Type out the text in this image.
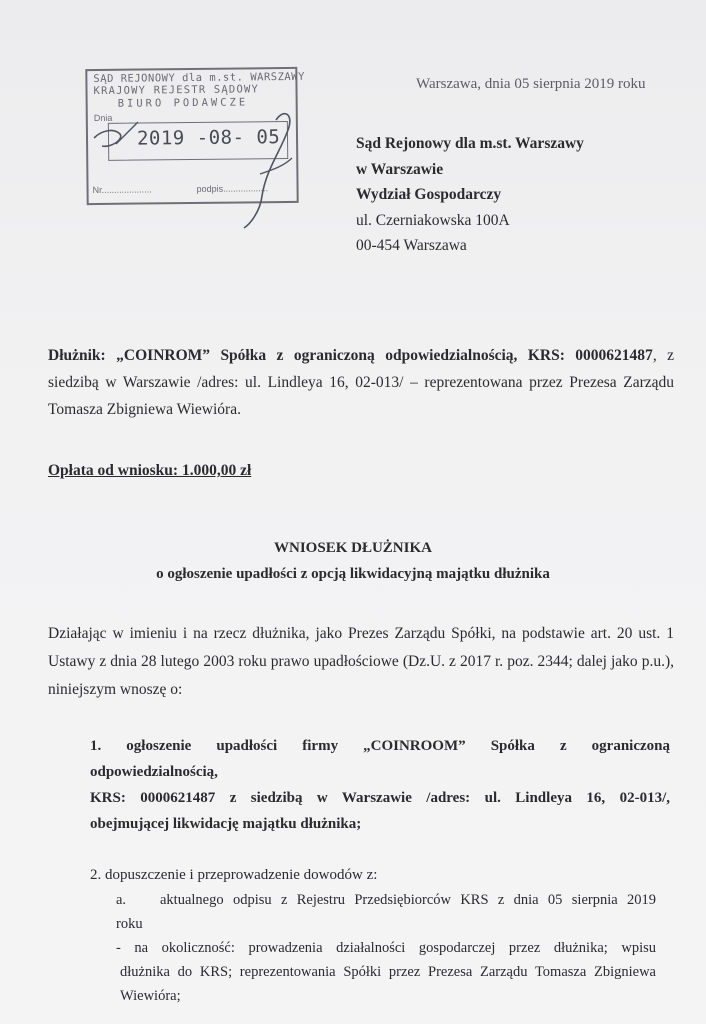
SĄD REJONOWY dla m.st. WARSZAWY
KRAJOWY REJESTR SĄDOWY
BIURO PODAWCZE
Dnia
2019 -08- 05
Nr....................	podpis..................
Warszawa, dnia 05 sierpnia 2019 roku
Sąd Rejonowy dla m.st. Warszawy
w Warszawie
Wydział Gospodarczy
ul. Czerniakowska 100A
00-454 Warszawa
Dłużnik: „COINROM” Spółka z ograniczoną odpowiedzialnością, KRS: 0000621487, z siedzibą w Warszawie /adres: ul. Lindleya 16, 02-013/ – reprezentowana przez Prezesa Zarządu Tomasza Zbigniewa Wiewióra.
Opłata od wniosku: 1.000,00 zł
WNIOSEK DŁUŻNIKA
o ogłoszenie upadłości z opcją likwidacyjną majątku dłużnika
Działając w imieniu i na rzecz dłużnika, jako Prezes Zarządu Spółki, na podstawie art. 20 ust. 1 Ustawy z dnia 28 lutego 2003 roku prawo upadłościowe (Dz.U. z 2017 r. poz. 2344; dalej jako p.u.), niniejszym wnoszę o:
1. ogłoszenie upadłości firmy „COINROOM” Spółka z ograniczoną
odpowiedzialnością,
KRS: 0000621487 z siedzibą w Warszawie /adres: ul. Lindleya 16, 02-013/,
obejmującej likwidację majątku dłużnika;
2. dopuszczenie i przeprowadzenie dowodów z:
a. aktualnego odpisu z Rejestru Przedsiębiorców KRS z dnia 05 sierpnia 2019
roku
- na okoliczność: prowadzenia działalności gospodarczej przez dłużnika; wpisu
dłużnika do KRS; reprezentowania Spółki przez Prezesa Zarządu Tomasza Zbigniewa
Wiewióra;
